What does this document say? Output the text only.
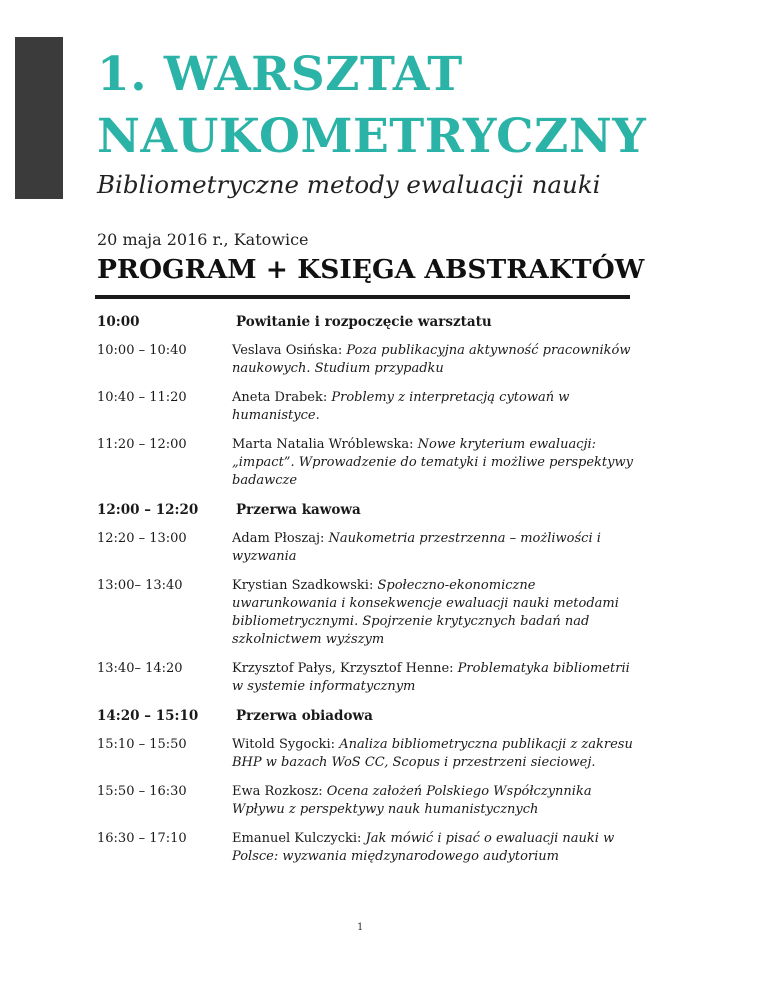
1. WARSZTAT
NAUKOMETRYCZNY
Bibliometryczne metody ewaluacji nauki
20 maja 2016 r., Katowice
PROGRAM + KSIĘGA ABSTRAKTÓW
10:00	Powitanie i rozpoczęcie warsztatu
10:00 – 10:40	Veslava Osińska: Poza publikacyjna aktywność pracowników naukowych. Studium przypadku
10:40 – 11:20	Aneta Drabek: Problemy z interpretacją cytowań w humanistyce.
11:20 – 12:00	Marta Natalia Wróblewska: Nowe kryterium ewaluacji: „impact”. Wprowadzenie do tematyki i możliwe perspektywy badawcze
12:00 – 12:20	Przerwa kawowa
12:20 – 13:00	Adam Płoszaj: Naukometria przestrzenna – możliwości i wyzwania
13:00– 13:40	Krystian Szadkowski: Społeczno-ekonomiczne uwarunkowania i konsekwencje ewaluacji nauki metodami bibliometrycznymi. Spojrzenie krytycznych badań nad szkolnictwem wyższym
13:40– 14:20	Krzysztof Pałys, Krzysztof Henne: Problematyka bibliometrii w systemie informatycznym
14:20 – 15:10	Przerwa obiadowa
15:10 – 15:50	Witold Sygocki: Analiza bibliometryczna publikacji z zakresu BHP w bazach WoS CC, Scopus i przestrzeni sieciowej.
15:50 – 16:30	Ewa Rozkosz: Ocena założeń Polskiego Współczynnika Wpływu z perspektywy nauk humanistycznych
16:30 – 17:10	Emanuel Kulczycki: Jak mówić i pisać o ewaluacji nauki w Polsce: wyzwania międzynarodowego audytorium
1
